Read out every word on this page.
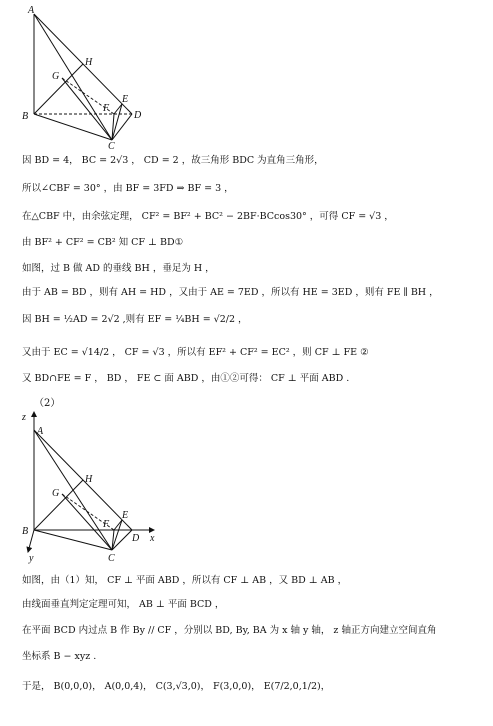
A
G
H
B
F
E
D
C
因 BD = 4， BC = 2√3 ， CD = 2 ，故三角形 BDC 为直角三角形，
所以∠CBF = 30° ，由 BF = 3FD ⇒ BF = 3 ，
在△CBF 中，由余弦定理， CF² = BF² + BC² − 2BF·BCcos30° ，可得 CF = √3 ，
由 BF² + CF² = CB² 知 CF ⊥ BD①
如图，过 B 做 AD 的垂线 BH ，垂足为 H ，
由于 AB = BD ，则有 AH = HD ，又由于 AE = 7ED ，所以有 HE = 3ED ，则有 FE ∥ BH ，
因 BH = ½AD = 2√2 ,则有 EF = ¼BH = √2/2 ，
又由于 EC = √14/2 ， CF = √3 ，所以有 EF² + CF² = EC² ，则 CF ⊥ FE ②
又 BD∩FE = F ， BD ， FE ⊂ 面 ABD ，由①②可得： CF ⊥ 平面 ABD .
（2）
z
A
G
H
B
F
E
D
C
x
y
如图，由（1）知， CF ⊥ 平面 ABD ，所以有 CF ⊥ AB ，又 BD ⊥ AB ，
由线面垂直判定定理可知， AB ⊥ 平面 BCD ，
在平面 BCD 内过点 B 作 By // CF ，分别以 BD, By, BA 为 x 轴 y 轴， z 轴正方向建立空间直角
坐标系 B − xyz .
于是， B(0,0,0)， A(0,0,4)， C(3,√3,0)， F(3,0,0)， E(7/2,0,1/2)，
